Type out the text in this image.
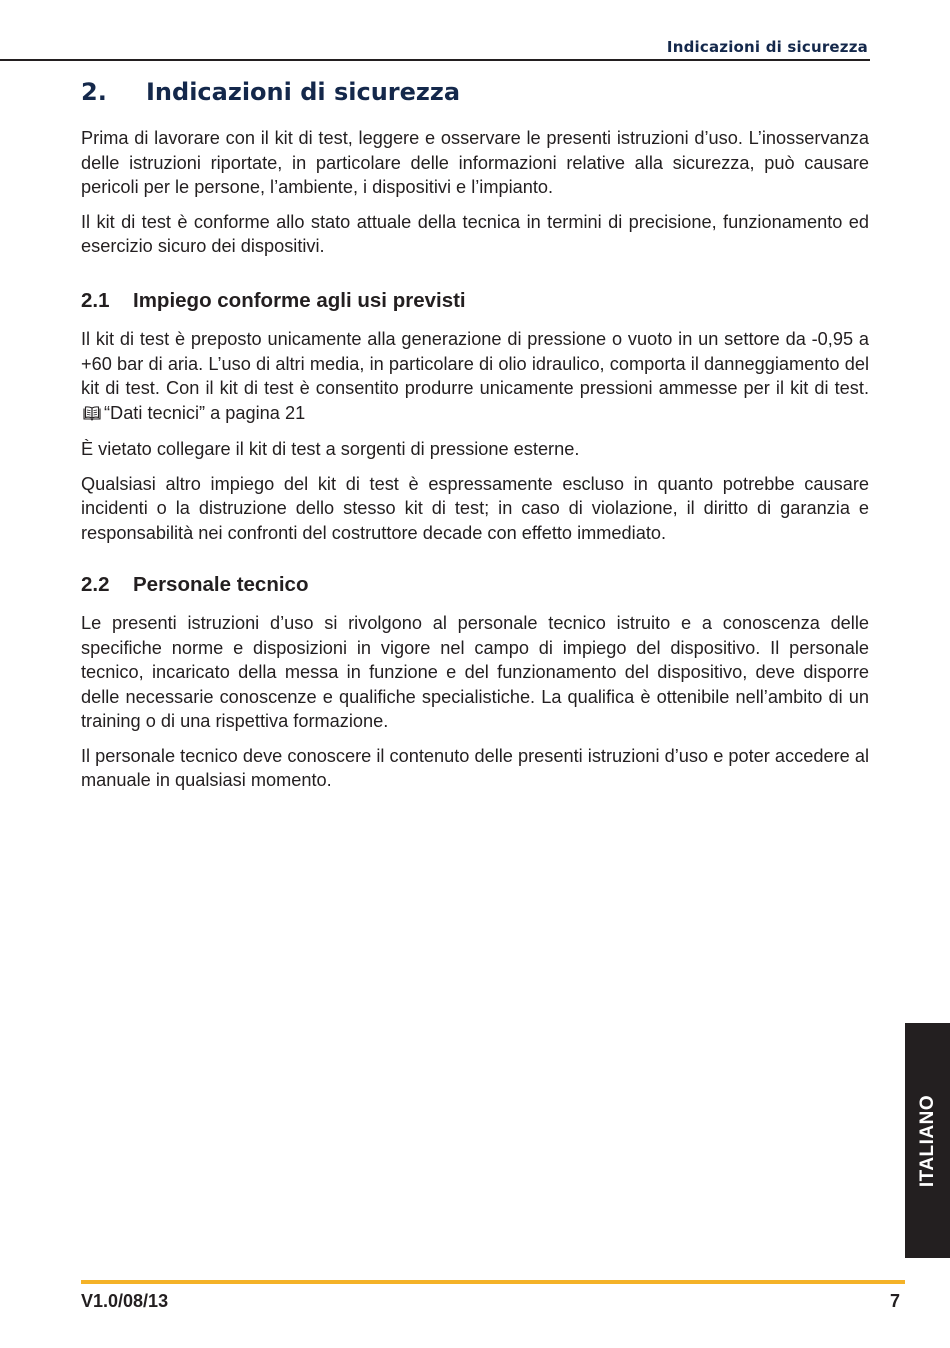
Indicazioni di sicurezza
2. Indicazioni di sicurezza

Prima di lavorare con il kit di test, leggere e osservare le presenti istruzioni d’uso. L’inosservanza delle istruzioni riportate, in particolare delle informazioni relative alla sicurezza, può causare pericoli per le persone, l’ambiente, i dispositivi e l’impianto.

Il kit di test è conforme allo stato attuale della tecnica in termini di precisione, funzionamento ed esercizio sicuro dei dispositivi.

2.1 Impiego conforme agli usi previsti

Il kit di test è preposto unicamente alla generazione di pressione o vuoto in un settore da -0,95 a +60 bar di aria. L’uso di altri media, in particolare di olio idraulico, comporta il danneggiamento del kit di test. Con il kit di test è consentito produrre unicamente pressioni ammesse per il kit di test. “Dati tecnici” a pagina 21

È vietato collegare il kit di test a sorgenti di pressione esterne.

Qualsiasi altro impiego del kit di test è espressamente escluso in quanto potrebbe causare incidenti o la distruzione dello stesso kit di test; in caso di violazione, il diritto di garanzia e responsabilità nei confronti del costruttore decade con effetto immediato.

2.2 Personale tecnico

Le presenti istruzioni d’uso si rivolgono al personale tecnico istruito e a conoscenza delle specifiche norme e disposizioni in vigore nel campo di impiego del dispositivo. Il personale tecnico, incaricato della messa in funzione e del funzionamento del dispositivo, deve disporre delle necessarie conoscenze e qualifiche specialistiche. La qualifica è ottenibile nell’ambito di un training o di una rispettiva formazione.

Il personale tecnico deve conoscere il contenuto delle presenti istruzioni d’uso e poter accedere al manuale in qualsiasi momento.

ITALIANO
V1.0/08/13	7
